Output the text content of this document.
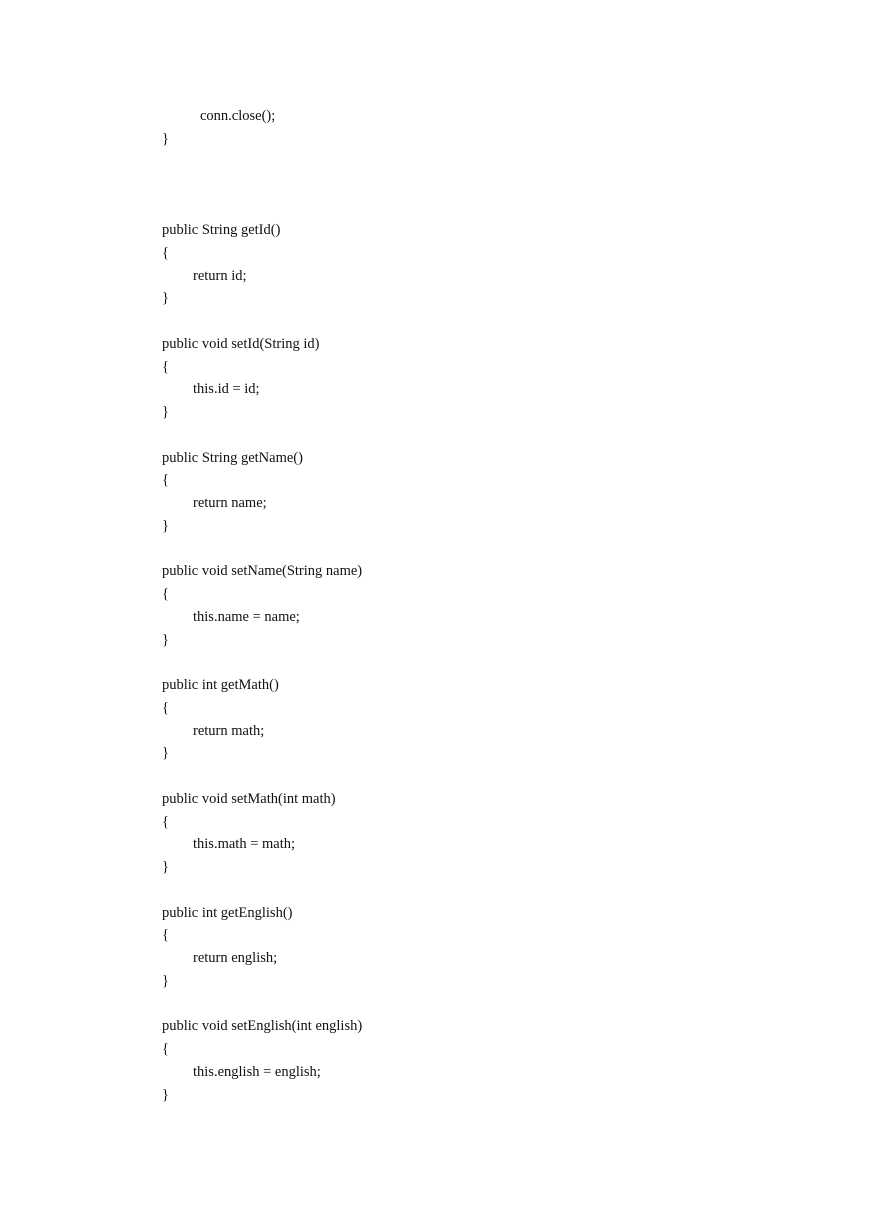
conn.close();
}
public String getId()
{
return id;
}
public void setId(String id)
{
this.id = id;
}
public String getName()
{
return name;
}
public void setName(String name)
{
this.name = name;
}
public int getMath()
{
return math;
}
public void setMath(int math)
{
this.math = math;
}
public int getEnglish()
{
return english;
}
public void setEnglish(int english)
{
this.english = english;
}
